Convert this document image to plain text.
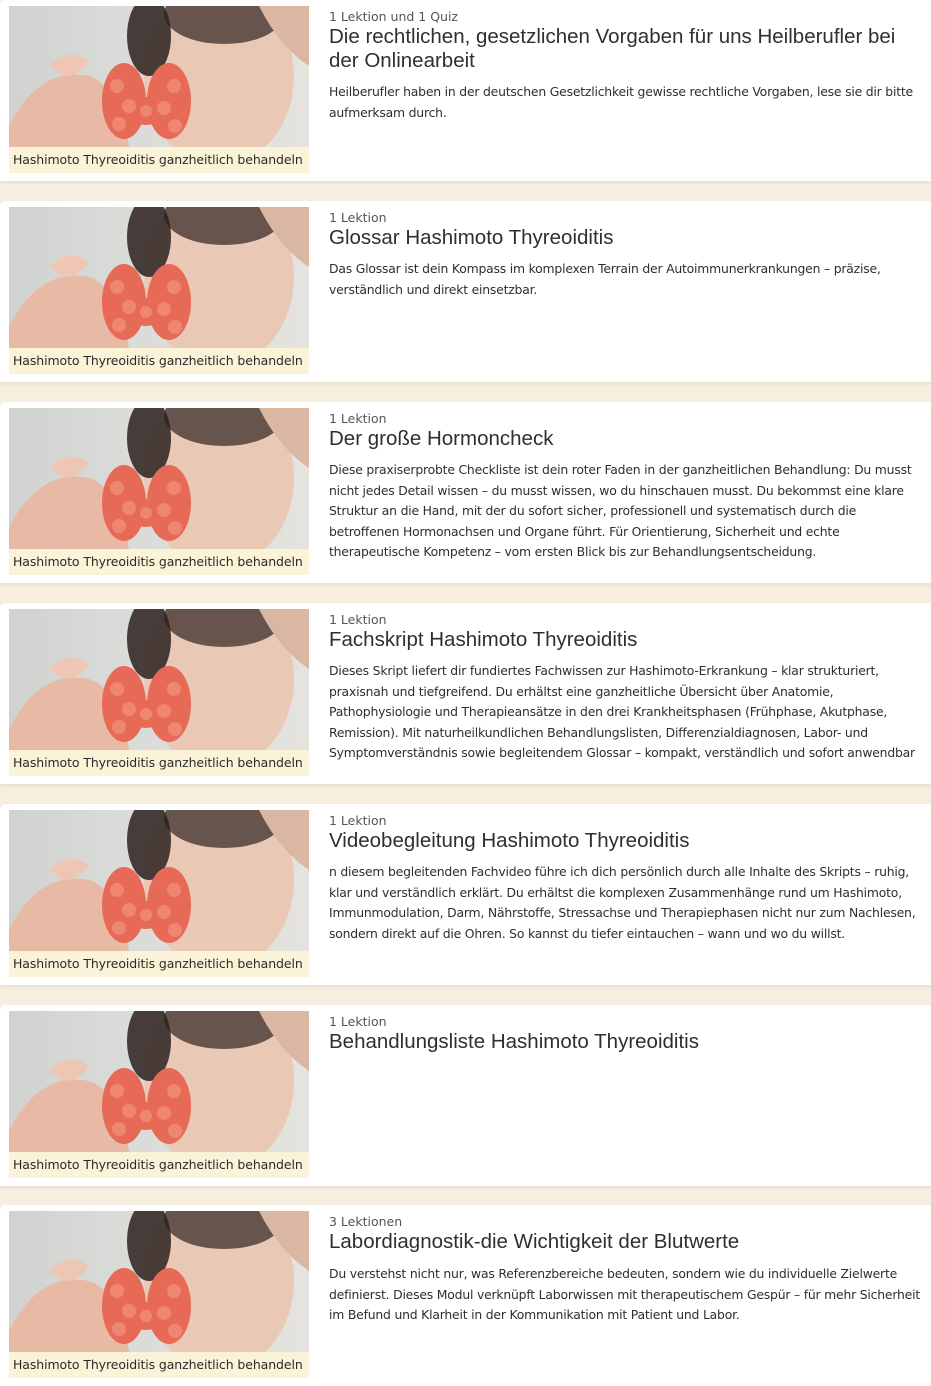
Hashimoto Thyreoiditis ganzheitlich behandeln
1 Lektion und 1 Quiz
Die rechtlichen, gesetzlichen Vorgaben für uns Heilberufler bei der Onlinearbeit
Heilberufler haben in der deutschen Gesetzlichkeit gewisse rechtliche Vorgaben, lese sie dir bitte aufmerksam durch.
Hashimoto Thyreoiditis ganzheitlich behandeln
1 Lektion
Glossar Hashimoto Thyreoiditis
Das Glossar ist dein Kompass im komplexen Terrain der Autoimmunerkrankungen – präzise, verständlich und direkt einsetzbar.
Hashimoto Thyreoiditis ganzheitlich behandeln
1 Lektion
Der große Hormoncheck
Diese praxiserprobte Checkliste ist dein roter Faden in der ganzheitlichen Behandlung: Du musst nicht jedes Detail wissen – du musst wissen, wo du hinschauen musst. Du bekommst eine klare Struktur an die Hand, mit der du sofort sicher, professionell und systematisch durch die betroffenen Hormonachsen und Organe führt. Für Orientierung, Sicherheit und echte therapeutische Kompetenz – vom ersten Blick bis zur Behandlungsentscheidung.
Hashimoto Thyreoiditis ganzheitlich behandeln
1 Lektion
Fachskript Hashimoto Thyreoiditis
Dieses Skript liefert dir fundiertes Fachwissen zur Hashimoto-Erkrankung – klar strukturiert, praxisnah und tiefgreifend. Du erhältst eine ganzheitliche Übersicht über Anatomie, Pathophysiologie und Therapieansätze in den drei Krankheitsphasen (Frühphase, Akutphase, Remission). Mit naturheilkundlichen Behandlungslisten, Differenzialdiagnosen, Labor- und Symptomverständnis sowie begleitendem Glossar – kompakt, verständlich und sofort anwendbar
Hashimoto Thyreoiditis ganzheitlich behandeln
1 Lektion
Videobegleitung Hashimoto Thyreoiditis
n diesem begleitenden Fachvideo führe ich dich persönlich durch alle Inhalte des Skripts – ruhig, klar und verständlich erklärt. Du erhältst die komplexen Zusammenhänge rund um Hashimoto, Immunmodulation, Darm, Nährstoffe, Stressachse und Therapiephasen nicht nur zum Nachlesen, sondern direkt auf die Ohren. So kannst du tiefer eintauchen – wann und wo du willst.
Hashimoto Thyreoiditis ganzheitlich behandeln
1 Lektion
Behandlungsliste Hashimoto Thyreoiditis
Hashimoto Thyreoiditis ganzheitlich behandeln
3 Lektionen
Labordiagnostik-die Wichtigkeit der Blutwerte
Du verstehst nicht nur, was Referenzbereiche bedeuten, sondern wie du individuelle Zielwerte definierst. Dieses Modul verknüpft Laborwissen mit therapeutischem Gespür – für mehr Sicherheit im Befund und Klarheit in der Kommunikation mit Patient und Labor.
